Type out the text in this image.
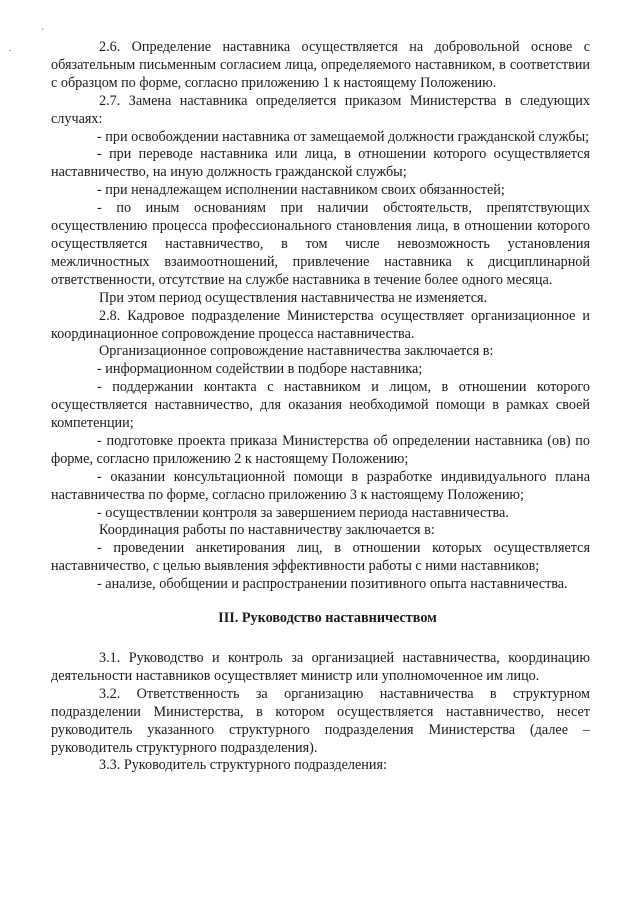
`
.	2.6. Определение наставника осуществляется на добровольной основе с обязательным письменным согласием лица, определяемого наставником, в соответствии с образцом по форме, согласно приложению 1 к настоящему Положению.

2.7. Замена наставника определяется приказом Министерства в следующих случаях:

- при освобождении наставника от замещаемой должности гражданской службы;

- при переводе наставника или лица, в отношении которого осуществляется наставничество, на иную должность гражданской службы;

- при ненадлежащем исполнении наставником своих обязанностей;

- по иным основаниям при наличии обстоятельств, препятствующих осуществлению процесса профессионального становления лица, в отношении которого осуществляется наставничество, в том числе невозможность установления межличностных взаимоотношений, привлечение наставника к дисциплинарной ответственности, отсутствие на службе наставника в течение более одного месяца.

При этом период осуществления наставничества не изменяется.

2.8. Кадровое подразделение Министерства осуществляет организационное и координационное сопровождение процесса наставничества.

Организационное сопровождение наставничества заключается в:

- информационном содействии в подборе наставника;

- поддержании контакта с наставником и лицом, в отношении которого осуществляется наставничество, для оказания необходимой помощи в рамках своей компетенции;

- подготовке проекта приказа Министерства об определении наставника (ов) по форме, согласно приложению 2 к настоящему Положению;

- оказании консультационной помощи в разработке индивидуального плана наставничества по форме, согласно приложению 3 к настоящему Положению;

- осуществлении контроля за завершением периода наставничества.

Координация работы по наставничеству заключается в:

- проведении анкетирования лиц, в отношении которых осуществляется наставничество, с целью выявления эффективности работы с ними наставников;

- анализе, обобщении и распространении позитивного опыта наставничества.

III. Руководство наставничеством

3.1. Руководство и контроль за организацией наставничества, координацию деятельности наставников осуществляет министр или уполномоченное им лицо.

3.2. Ответственность за организацию наставничества в структурном подразделении Министерства, в котором осуществляется наставничество, несет руководитель указанного структурного подразделения Министерства (далее – руководитель структурного подразделения).

3.3. Руководитель структурного подразделения:
